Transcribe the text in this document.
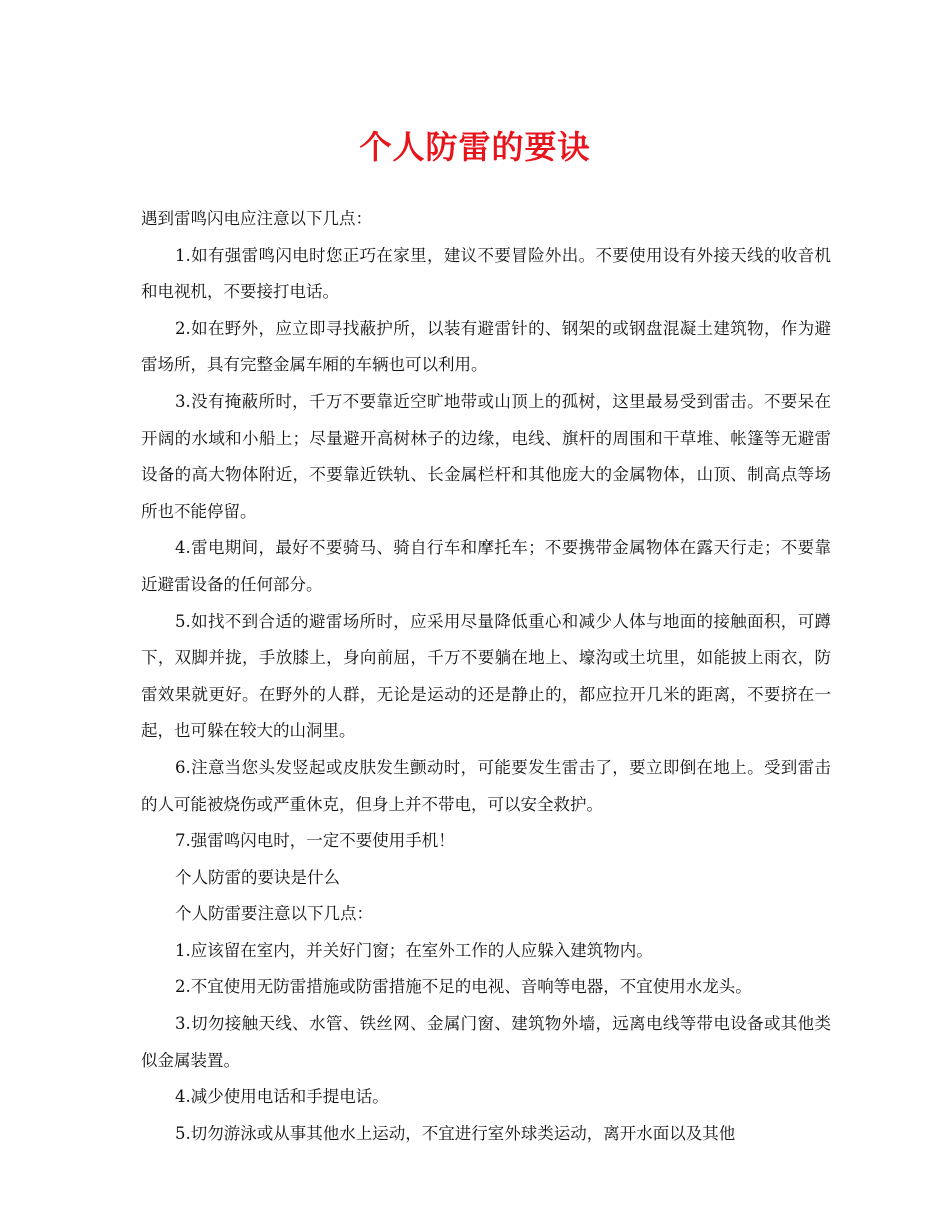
个人防雷的要诀

遇到雷鸣闪电应注意以下几点：

1.如有强雷鸣闪电时您正巧在家里，建议不要冒险外出。不要使用设有外接天线的收音机和电视机，不要接打电话。

2.如在野外，应立即寻找蔽护所，以装有避雷针的、钢架的或钢盘混凝土建筑物，作为避雷场所，具有完整金属车厢的车辆也可以利用。

3.没有掩蔽所时，千万不要靠近空旷地带或山顶上的孤树，这里最易受到雷击。不要呆在开阔的水域和小船上；尽量避开高树林子的边缘，电线、旗杆的周围和干草堆、帐篷等无避雷设备的高大物体附近，不要靠近铁轨、长金属栏杆和其他庞大的金属物体，山顶、制高点等场所也不能停留。

4.雷电期间，最好不要骑马、骑自行车和摩托车；不要携带金属物体在露天行走；不要靠近避雷设备的任何部分。

5.如找不到合适的避雷场所时，应采用尽量降低重心和减少人体与地面的接触面积，可蹲下，双脚并拢，手放膝上，身向前屈，千万不要躺在地上、壕沟或土坑里，如能披上雨衣，防雷效果就更好。在野外的人群，无论是运动的还是静止的，都应拉开几米的距离，不要挤在一起，也可躲在较大的山洞里。

6.注意当您头发竖起或皮肤发生颤动时，可能要发生雷击了，要立即倒在地上。受到雷击的人可能被烧伤或严重休克，但身上并不带电，可以安全救护。

7.强雷鸣闪电时，一定不要使用手机！

个人防雷的要诀是什么

个人防雷要注意以下几点：

1.应该留在室内，并关好门窗；在室外工作的人应躲入建筑物内。

2.不宜使用无防雷措施或防雷措施不足的电视、音响等电器，不宜使用水龙头。

3.切勿接触天线、水管、铁丝网、金属门窗、建筑物外墙，远离电线等带电设备或其他类似金属装置。

4.减少使用电话和手提电话。

5.切勿游泳或从事其他水上运动，不宜进行室外球类运动，离开水面以及其他
